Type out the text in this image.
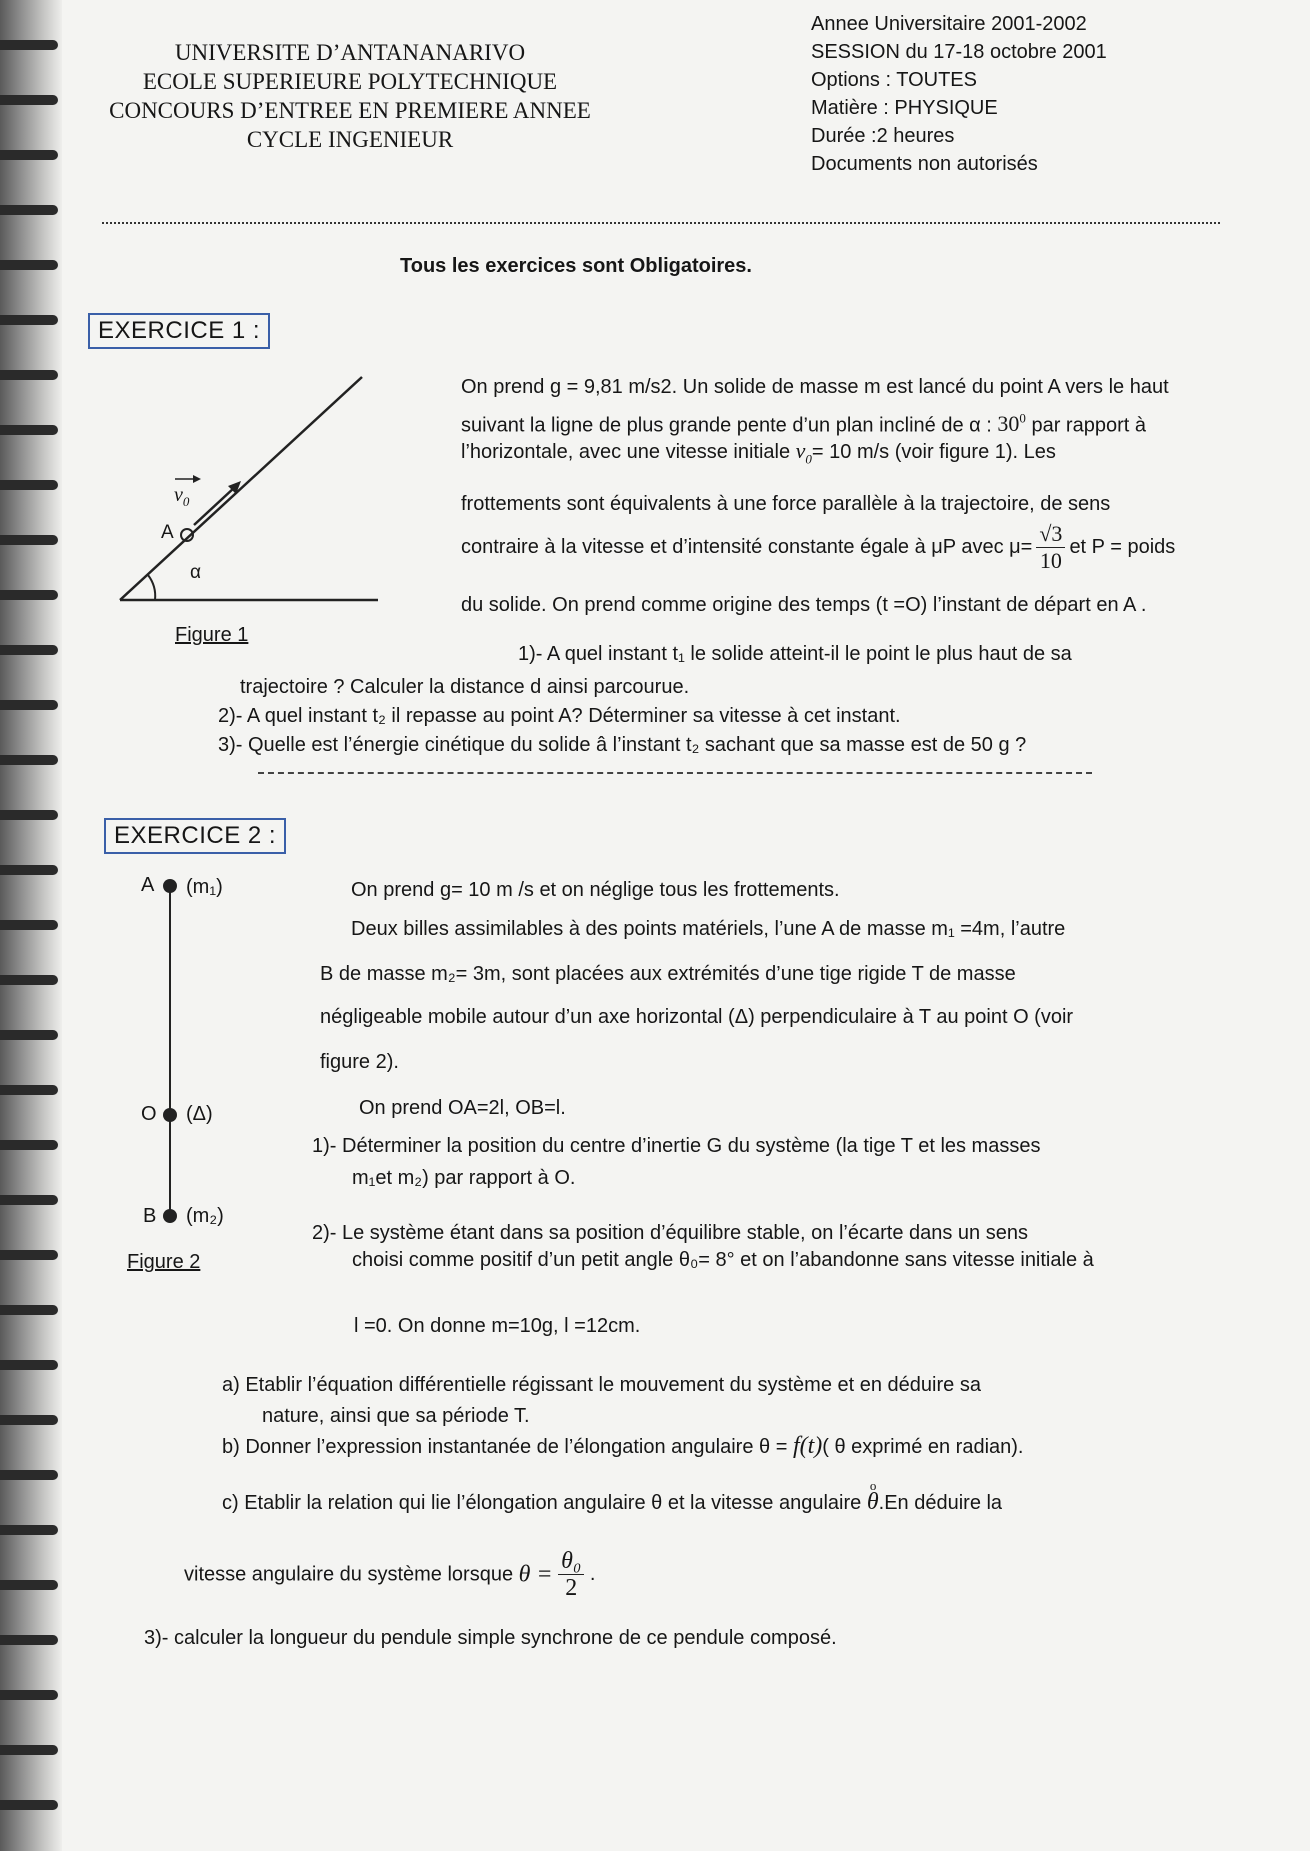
UNIVERSITE D’ANTANANARIVO
ECOLE SUPERIEURE POLYTECHNIQUE
CONCOURS D’ENTREE EN PREMIERE ANNEE
CYCLE INGENIEUR
Annee Universitaire 2001-2002
SESSION du 17-18 octobre 2001
Options : TOUTES
Matière : PHYSIQUE
Durée :2 heures
Documents non autorisés
Tous les exercices sont Obligatoires.
EXERCICE 1 :
$v_0$
A
α
Figure 1
On prend g = 9,81 m/s2. Un solide de masse m est lancé du point A vers le haut
suivant la ligne de plus grande pente d’un plan incliné de α : $30^0$ par rapport à
l’horizontale, avec une vitesse initiale $v_0= 10$ m/s (voir figure 1). Les
frottements sont équivalents à une force parallèle à la trajectoire, de sens
contraire à la vitesse et d’intensité constante égale à μP avec $\mu= \frac{√3}{10}$ et P = poids
du solide. On prend comme origine des temps (t =O) l’instant de départ en A .
1)- A quel instant t₁ le solide atteint-il le point le plus haut de sa
trajectoire ? Calculer la distance d ainsi parcourue.
2)- A quel instant t₂ il repasse au point A? Déterminer sa vitesse à cet instant.
3)- Quelle est l’énergie cinétique du solide â l’instant t₂ sachant que sa masse est de 50 g ?
EXERCICE 2 :
A (m₁)
O (Δ)
B (m₂)
Figure 2
On prend g= 10 m /s et on néglige tous les frottements.
Deux billes assimilables à des points matériels, l’une A de masse m₁ =4m, l’autre
B de masse m₂= 3m, sont placées aux extrémités d’une tige rigide T de masse
négligeable mobile autour d’un axe horizontal (Δ) perpendiculaire à T au point O (voir
figure 2).
On prend OA=2l, OB=l.
1)- Déterminer la position du centre d’inertie G du système (la tige T et les masses
m₁et m₂) par rapport à O.
2)- Le système étant dans sa position d’équilibre stable, on l’écarte dans un sens
choisi comme positif d’un petit angle θ₀= 8° et on l’abandonne sans vitesse initiale à
l =0. On donne m=10g, l =12cm.
a) Etablir l’équation différentielle régissant le mouvement du système et en déduire sa
nature, ainsi que sa période T.
b) Donner l’expression instantanée de l’élongation angulaire θ = f(t)( θ exprimé en radian).
c) Etablir la relation qui lie l’élongation angulaire θ et la vitesse angulaire
o
θ.En déduire la
vitesse angulaire du système lorsque $\theta = \frac{\text{θ₀}}{2}$ .
3)- calculer la longueur du pendule simple synchrone de ce pendule composé.
